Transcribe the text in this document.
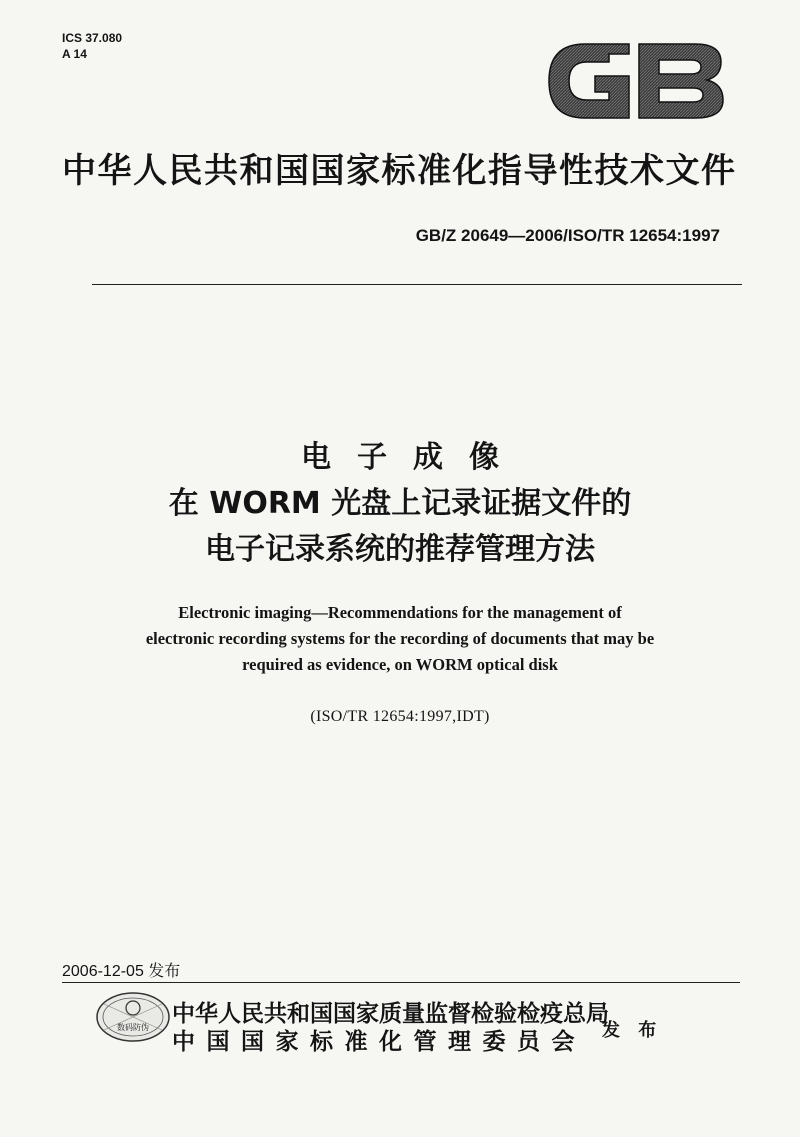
ICS 37.080
A 14
中华人民共和国国家标准化指导性技术文件
GB/Z 20649—2006/ISO/TR 12654:1997
电子成像
在 WORM 光盘上记录证据文件的
电子记录系统的推荐管理方法
Electronic imaging—Recommendations for the management of
electronic recording systems for the recording of documents that may be
required as evidence, on WORM optical disk
(ISO/TR 12654:1997,IDT)
2006-12-05 发布
数码防伪
中华人民共和国国家质量监督检验检疫总局
中国国家标准化管理委员会 发 布
